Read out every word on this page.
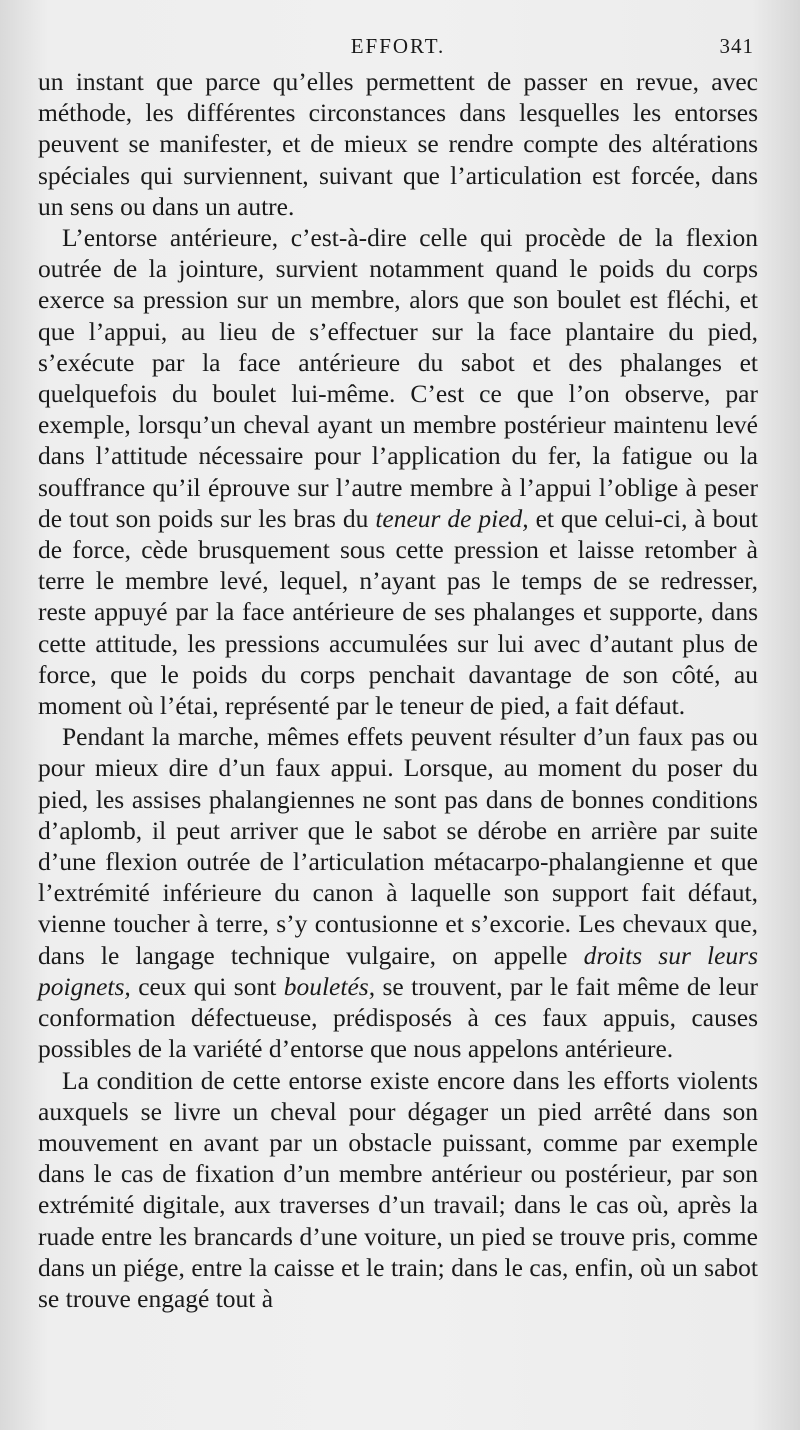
EFFORT.	341

un instant que parce qu’elles permettent de passer en revue, avec méthode, les différentes circonstances dans lesquelles les entorses peuvent se manifester, et de mieux se rendre compte des altérations spéciales qui surviennent, suivant que l’articulation est forcée, dans un sens ou dans un autre.

L’entorse antérieure, c’est-à-dire celle qui procède de la flexion outrée de la jointure, survient notamment quand le poids du corps exerce sa pression sur un membre, alors que son boulet est fléchi, et que l’appui, au lieu de s’effectuer sur la face plantaire du pied, s’exécute par la face antérieure du sabot et des phalanges et quelquefois du boulet lui-même. C’est ce que l’on observe, par exemple, lorsqu’un cheval ayant un membre postérieur maintenu levé dans l’attitude nécessaire pour l’application du fer, la fatigue ou la souffrance qu’il éprouve sur l’autre membre à l’appui l’oblige à peser de tout son poids sur les bras du teneur de pied, et que celui-ci, à bout de force, cède brusquement sous cette pression et laisse retomber à terre le membre levé, lequel, n’ayant pas le temps de se redresser, reste appuyé par la face antérieure de ses phalanges et supporte, dans cette attitude, les pressions accumulées sur lui avec d’autant plus de force, que le poids du corps penchait davantage de son côté, au moment où l’étai, représenté par le teneur de pied, a fait défaut.

Pendant la marche, mêmes effets peuvent résulter d’un faux pas ou pour mieux dire d’un faux appui. Lorsque, au moment du poser du pied, les assises phalangiennes ne sont pas dans de bonnes conditions d’aplomb, il peut arriver que le sabot se dérobe en arrière par suite d’une flexion outrée de l’articulation métacarpo-phalangienne et que l’extrémité inférieure du canon à laquelle son support fait défaut, vienne toucher à terre, s’y contusionne et s’excorie. Les chevaux que, dans le langage technique vulgaire, on appelle droits sur leurs poignets, ceux qui sont bouletés, se trouvent, par le fait même de leur conformation défectueuse, prédisposés à ces faux appuis, causes possibles de la variété d’entorse que nous appelons antérieure.

La condition de cette entorse existe encore dans les efforts violents auxquels se livre un cheval pour dégager un pied arrêté dans son mouvement en avant par un obstacle puissant, comme par exemple dans le cas de fixation d’un membre antérieur ou postérieur, par son extrémité digitale, aux traverses d’un travail; dans le cas où, après la ruade entre les brancards d’une voiture, un pied se trouve pris, comme dans un piége, entre la caisse et le train; dans le cas, enfin, où un sabot se trouve engagé tout à
